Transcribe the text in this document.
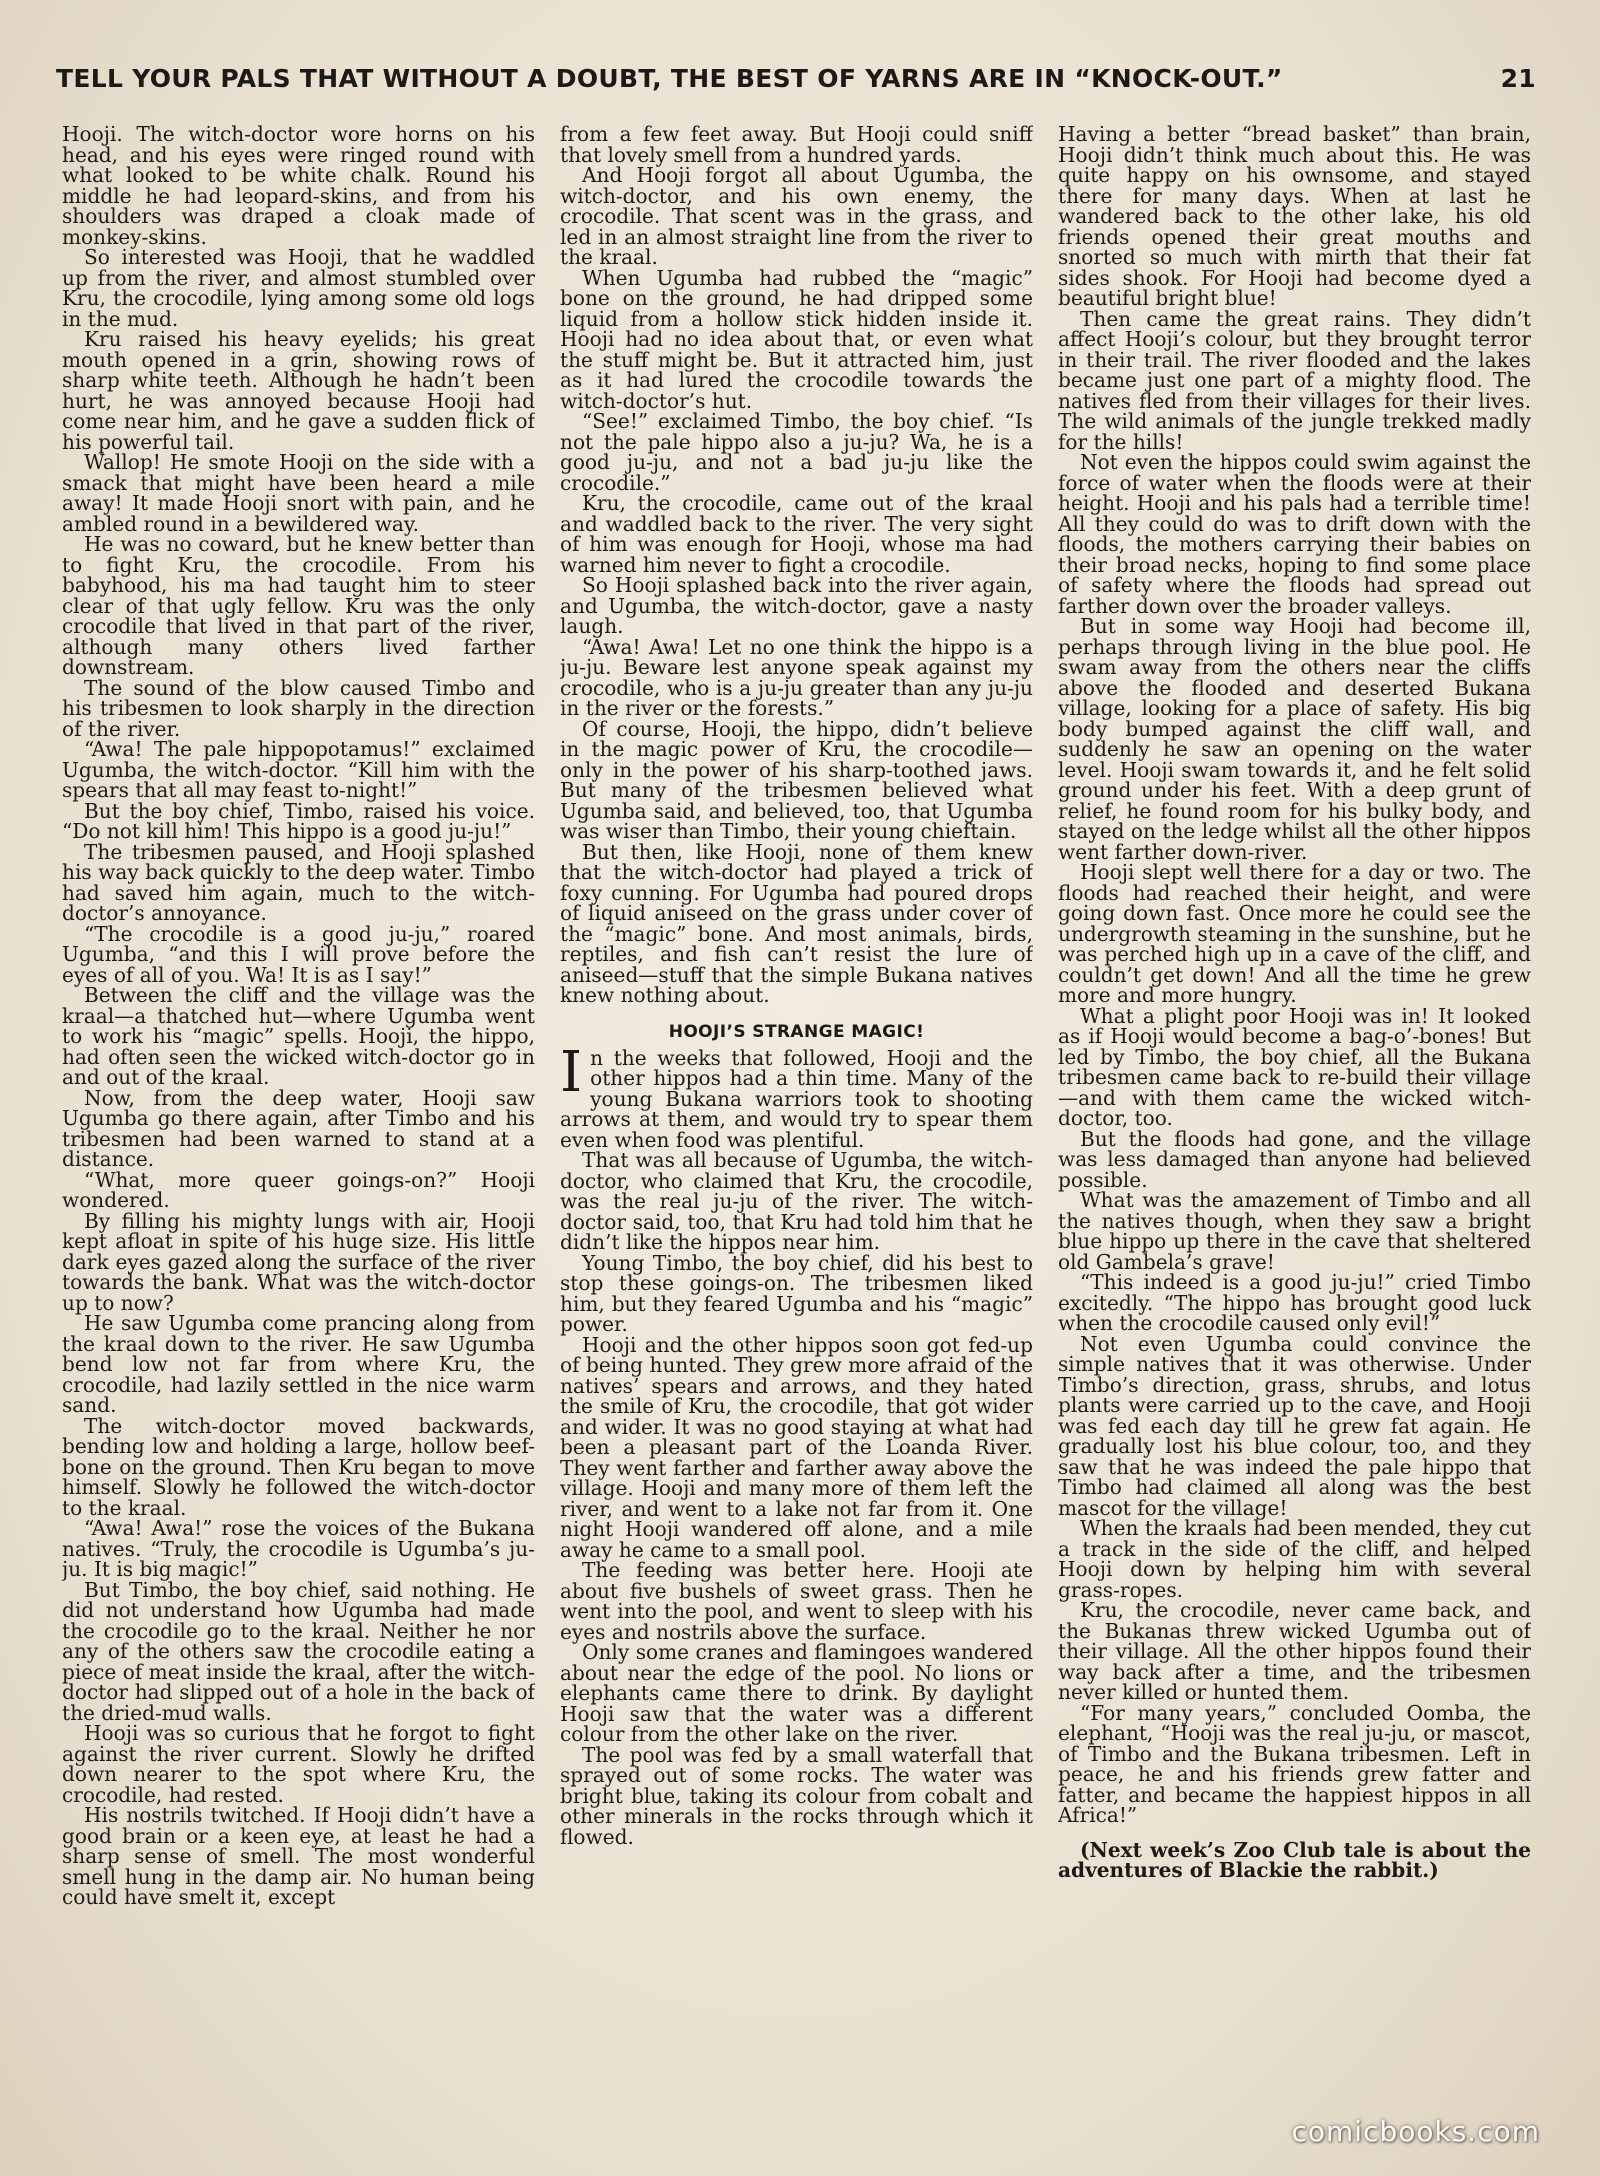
TELL YOUR PALS THAT WITHOUT A DOUBT, THE BEST OF YARNS ARE IN “KNOCK-OUT.”	21

Hooji. The witch-doctor wore horns on his head, and his eyes were ringed round with what looked to be white chalk. Round his middle he had leopard-skins, and from his shoulders was draped a cloak made of monkey-skins.

So interested was Hooji, that he waddled up from the river, and almost stumbled over Kru, the crocodile, lying among some old logs in the mud.

Kru raised his heavy eyelids; his great mouth opened in a grin, showing rows of sharp white teeth. Although he hadn’t been hurt, he was annoyed because Hooji had come near him, and he gave a sudden flick of his powerful tail.

Wallop! He smote Hooji on the side with a smack that might have been heard a mile away! It made Hooji snort with pain, and he ambled round in a bewildered way.

He was no coward, but he knew better than to fight Kru, the crocodile. From his babyhood, his ma had taught him to steer clear of that ugly fellow. Kru was the only crocodile that lived in that part of the river, although many others lived farther downstream.

The sound of the blow caused Timbo and his tribesmen to look sharply in the direction of the river.

“Awa! The pale hippopotamus!” exclaimed Ugumba, the witch-doctor. “Kill him with the spears that all may feast to-night!”

But the boy chief, Timbo, raised his voice. “Do not kill him! This hippo is a good ju-ju!”

The tribesmen paused, and Hooji splashed his way back quickly to the deep water. Timbo had saved him again, much to the witch-doctor’s annoyance.

“The crocodile is a good ju-ju,” roared Ugumba, “and this I will prove before the eyes of all of you. Wa! It is as I say!”

Between the cliff and the village was the kraal—a thatched hut—where Ugumba went to work his “magic” spells. Hooji, the hippo, had often seen the wicked witch-doctor go in and out of the kraal.

Now, from the deep water, Hooji saw Ugumba go there again, after Timbo and his tribesmen had been warned to stand at a distance.

“What, more queer goings-on?” Hooji wondered.

By filling his mighty lungs with air, Hooji kept afloat in spite of his huge size. His little dark eyes gazed along the surface of the river towards the bank. What was the witch-doctor up to now?

He saw Ugumba come prancing along from the kraal down to the river. He saw Ugumba bend low not far from where Kru, the crocodile, had lazily settled in the nice warm sand.

The witch-doctor moved backwards, bending low and holding a large, hollow beef-bone on the ground. Then Kru began to move himself. Slowly he followed the witch-doctor to the kraal.

“Awa! Awa!” rose the voices of the Bukana natives. “Truly, the crocodile is Ugumba’s ju-ju. It is big magic!”

But Timbo, the boy chief, said nothing. He did not understand how Ugumba had made the crocodile go to the kraal. Neither he nor any of the others saw the crocodile eating a piece of meat inside the kraal, after the witch-doctor had slipped out of a hole in the back of the dried-mud walls.

Hooji was so curious that he forgot to fight against the river current. Slowly he drifted down nearer to the spot where Kru, the crocodile, had rested.

His nostrils twitched. If Hooji didn’t have a good brain or a keen eye, at least he had a sharp sense of smell. The most wonderful smell hung in the damp air. No human being could have smelt it, except

from a few feet away. But Hooji could sniff that lovely smell from a hundred yards.

And Hooji forgot all about Ugumba, the witch-doctor, and his own enemy, the crocodile. That scent was in the grass, and led in an almost straight line from the river to the kraal.

When Ugumba had rubbed the “magic” bone on the ground, he had dripped some liquid from a hollow stick hidden inside it. Hooji had no idea about that, or even what the stuff might be. But it attracted him, just as it had lured the crocodile towards the witch-doctor’s hut.

“See!” exclaimed Timbo, the boy chief. “Is not the pale hippo also a ju-ju? Wa, he is a good ju-ju, and not a bad ju-ju like the crocodile.”

Kru, the crocodile, came out of the kraal and waddled back to the river. The very sight of him was enough for Hooji, whose ma had warned him never to fight a crocodile.

So Hooji splashed back into the river again, and Ugumba, the witch-doctor, gave a nasty laugh.

“Awa! Awa! Let no one think the hippo is a ju-ju. Beware lest anyone speak against my crocodile, who is a ju-ju greater than any ju-ju in the river or the forests.”

Of course, Hooji, the hippo, didn’t believe in the magic power of Kru, the crocodile—only in the power of his sharp-toothed jaws. But many of the tribesmen believed what Ugumba said, and believed, too, that Ugumba was wiser than Timbo, their young chieftain.

But then, like Hooji, none of them knew that the witch-doctor had played a trick of foxy cunning. For Ugumba had poured drops of liquid aniseed on the grass under cover of the “magic” bone. And most animals, birds, reptiles, and fish can’t resist the lure of aniseed—stuff that the simple Bukana natives knew nothing about.

HOOJI’S STRANGE MAGIC!

In the weeks that followed, Hooji and the other hippos had a thin time. Many of the young Bukana warriors took to shooting arrows at them, and would try to spear them even when food was plentiful.

That was all because of Ugumba, the witch-doctor, who claimed that Kru, the crocodile, was the real ju-ju of the river. The witch-doctor said, too, that Kru had told him that he didn’t like the hippos near him.

Young Timbo, the boy chief, did his best to stop these goings-on. The tribesmen liked him, but they feared Ugumba and his “magic” power.

Hooji and the other hippos soon got fed-up of being hunted. They grew more afraid of the natives’ spears and arrows, and they hated the smile of Kru, the crocodile, that got wider and wider. It was no good staying at what had been a pleasant part of the Loanda River. They went farther and farther away above the village. Hooji and many more of them left the river, and went to a lake not far from it. One night Hooji wandered off alone, and a mile away he came to a small pool.

The feeding was better here. Hooji ate about five bushels of sweet grass. Then he went into the pool, and went to sleep with his eyes and nostrils above the surface.

Only some cranes and flamingoes wandered about near the edge of the pool. No lions or elephants came there to drink. By daylight Hooji saw that the water was a different colour from the other lake on the river.

The pool was fed by a small waterfall that sprayed out of some rocks. The water was bright blue, taking its colour from cobalt and other minerals in the rocks through which it flowed.

Having a better “bread basket” than brain, Hooji didn’t think much about this. He was quite happy on his ownsome, and stayed there for many days. When at last he wandered back to the other lake, his old friends opened their great mouths and snorted so much with mirth that their fat sides shook. For Hooji had become dyed a beautiful bright blue!

Then came the great rains. They didn’t affect Hooji’s colour, but they brought terror in their trail. The river flooded and the lakes became just one part of a mighty flood. The natives fled from their villages for their lives. The wild animals of the jungle trekked madly for the hills!

Not even the hippos could swim against the force of water when the floods were at their height. Hooji and his pals had a terrible time! All they could do was to drift down with the floods, the mothers carrying their babies on their broad necks, hoping to find some place of safety where the floods had spread out farther down over the broader valleys.

But in some way Hooji had become ill, perhaps through living in the blue pool. He swam away from the others near the cliffs above the flooded and deserted Bukana village, looking for a place of safety. His big body bumped against the cliff wall, and suddenly he saw an opening on the water level. Hooji swam towards it, and he felt solid ground under his feet. With a deep grunt of relief, he found room for his bulky body, and stayed on the ledge whilst all the other hippos went farther down-river.

Hooji slept well there for a day or two. The floods had reached their height, and were going down fast. Once more he could see the undergrowth steaming in the sunshine, but he was perched high up in a cave of the cliff, and couldn’t get down! And all the time he grew more and more hungry.

What a plight poor Hooji was in! It looked as if Hooji would become a bag-o’-bones! But led by Timbo, the boy chief, all the Bukana tribesmen came back to re-build their village—and with them came the wicked witch-doctor, too.

But the floods had gone, and the village was less damaged than anyone had believed possible.

What was the amazement of Timbo and all the natives though, when they saw a bright blue hippo up there in the cave that sheltered old Gambela’s grave!

“This indeed is a good ju-ju!” cried Timbo excitedly. “The hippo has brought good luck when the crocodile caused only evil!”

Not even Ugumba could convince the simple natives that it was otherwise. Under Timbo’s direction, grass, shrubs, and lotus plants were carried up to the cave, and Hooji was fed each day till he grew fat again. He gradually lost his blue colour, too, and they saw that he was indeed the pale hippo that Timbo had claimed all along was the best mascot for the village!

When the kraals had been mended, they cut a track in the side of the cliff, and helped Hooji down by helping him with several grass-ropes.

Kru, the crocodile, never came back, and the Bukanas threw wicked Ugumba out of their village. All the other hippos found their way back after a time, and the tribesmen never killed or hunted them.

“For many years,” concluded Oomba, the elephant, “Hooji was the real ju-ju, or mascot, of Timbo and the Bukana tribesmen. Left in peace, he and his friends grew fatter and fatter, and became the happiest hippos in all Africa!”

(Next week’s Zoo Club tale is about the adventures of Blackie the rabbit.)

comicbooks.com
